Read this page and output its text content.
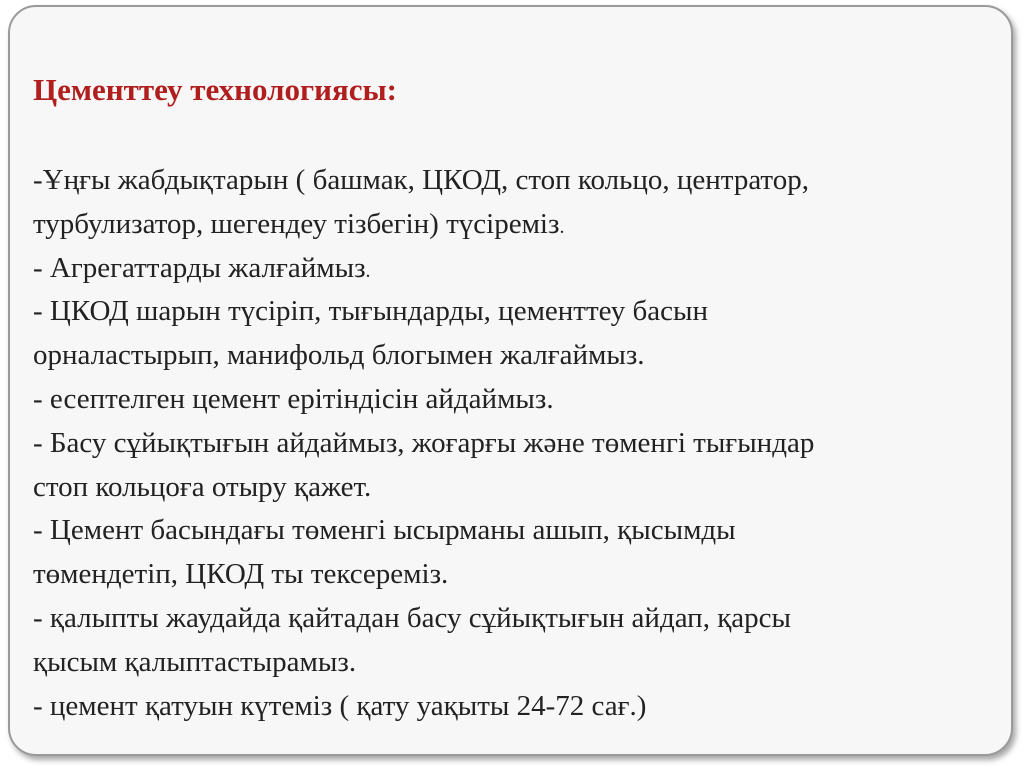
Цементтеу технологиясы:
-Ұңғы жабдықтарын ( башмак, ЦКОД, стоп кольцо, центратор,
турбулизатор, шегендеу тізбегін) түсіреміз.
- Агрегаттарды жалғаймыз.
- ЦКОД шарын түсіріп, тығындарды, цементтеу басын
орналастырып, манифольд блогымен жалғаймыз.
- есептелген цемент ерітіндісін айдаймыз.
- Басу сұйықтығын айдаймыз, жоғарғы және төменгі тығындар
стоп кольцоға отыру қажет.
- Цемент басындағы төменгі ысырманы ашып, қысымды
төмендетіп, ЦКОД ты тексереміз.
- қалыпты жаудайда қайтадан басу сұйықтығын айдап, қарсы
қысым қалыптастырамыз.
- цемент қатуын күтеміз ( қату уақыты 24-72 сағ.)
